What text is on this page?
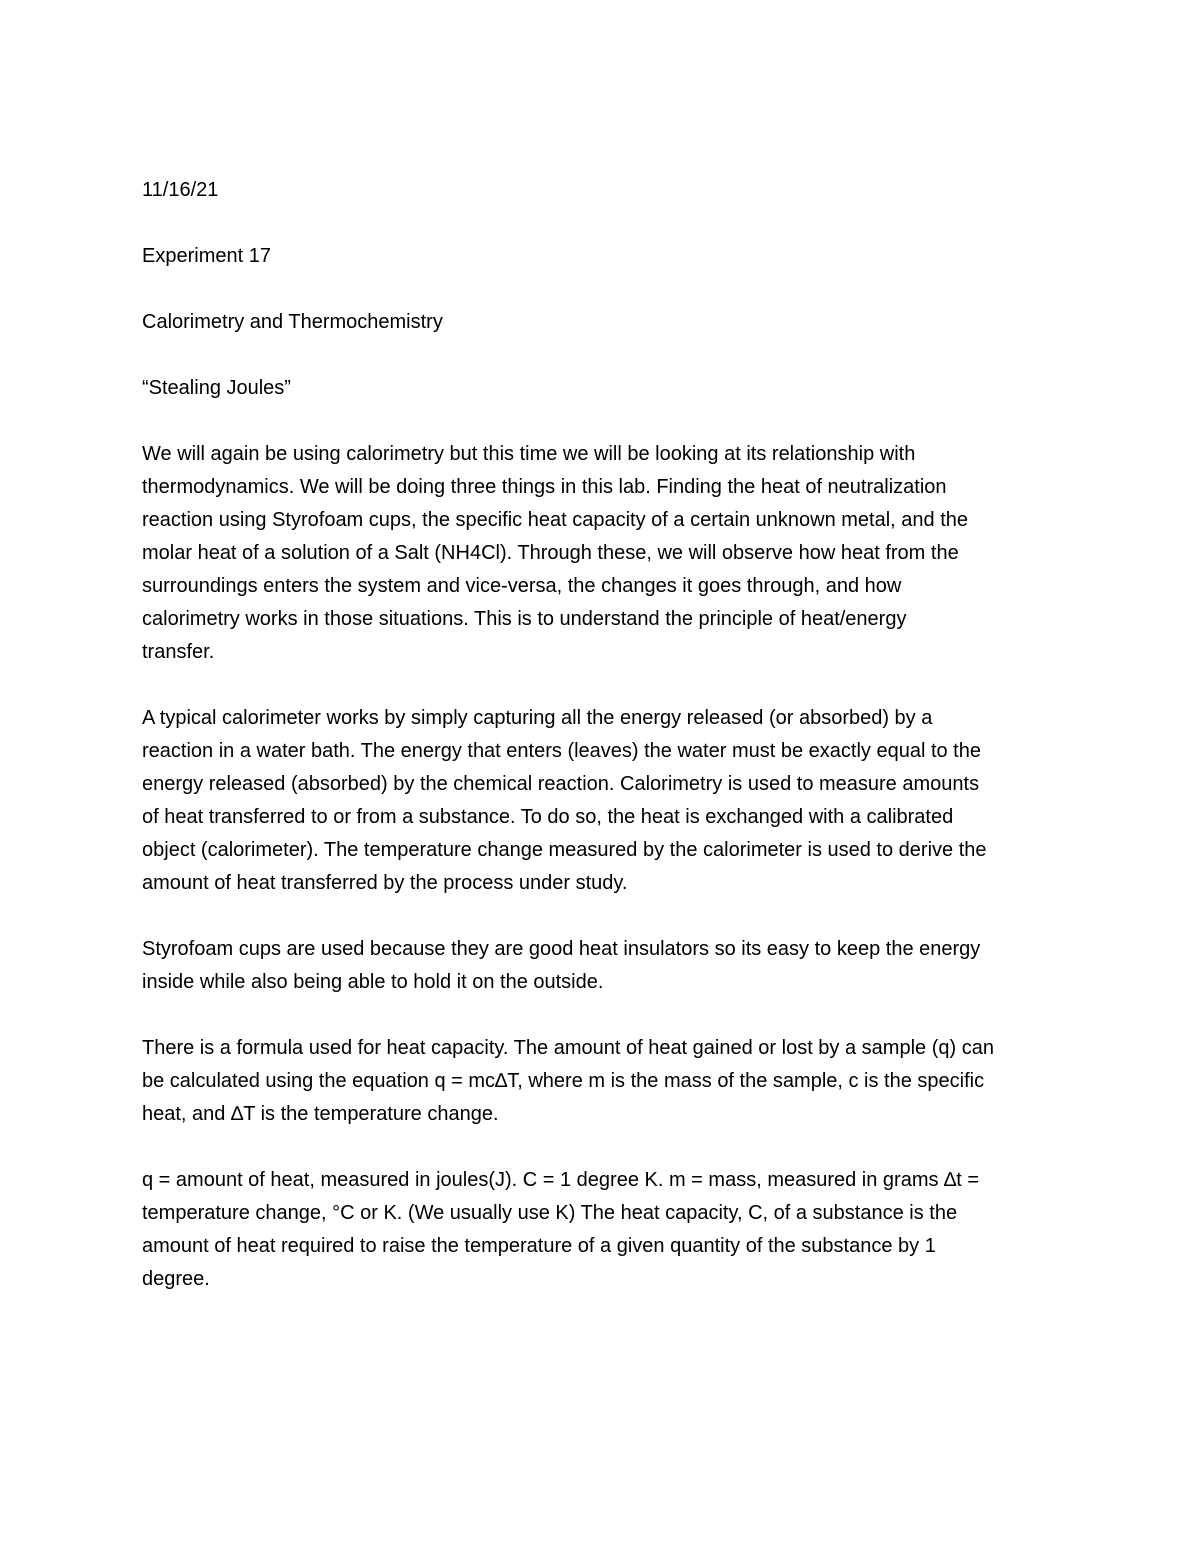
11/16/21
Experiment 17
Calorimetry and Thermochemistry
“Stealing Joules”
We will again be using calorimetry but this time we will be looking at its relationship with
thermodynamics. We will be doing three things in this lab. Finding the heat of neutralization
reaction using Styrofoam cups, the specific heat capacity of a certain unknown metal, and the
molar heat of a solution of a Salt (NH4Cl). Through these, we will observe how heat from the
surroundings enters the system and vice-versa, the changes it goes through, and how
calorimetry works in those situations. This is to understand the principle of heat/energy
transfer.
A typical calorimeter works by simply capturing all the energy released (or absorbed) by a
reaction in a water bath. The energy that enters (leaves) the water must be exactly equal to the
energy released (absorbed) by the chemical reaction. Calorimetry is used to measure amounts
of heat transferred to or from a substance. To do so, the heat is exchanged with a calibrated
object (calorimeter). The temperature change measured by the calorimeter is used to derive the
amount of heat transferred by the process under study.
Styrofoam cups are used because they are good heat insulators so its easy to keep the energy
inside while also being able to hold it on the outside.
There is a formula used for heat capacity. The amount of heat gained or lost by a sample (q) can
be calculated using the equation q = mc∆T, where m is the mass of the sample, c is the specific
heat, and ∆T is the temperature change.
q = amount of heat, measured in joules(J). C = 1 degree K. m = mass, measured in grams ∆t =
temperature change, °C or K. (We usually use K) The heat capacity, C, of a substance is the
amount of heat required to raise the temperature of a given quantity of the substance by 1
degree.
